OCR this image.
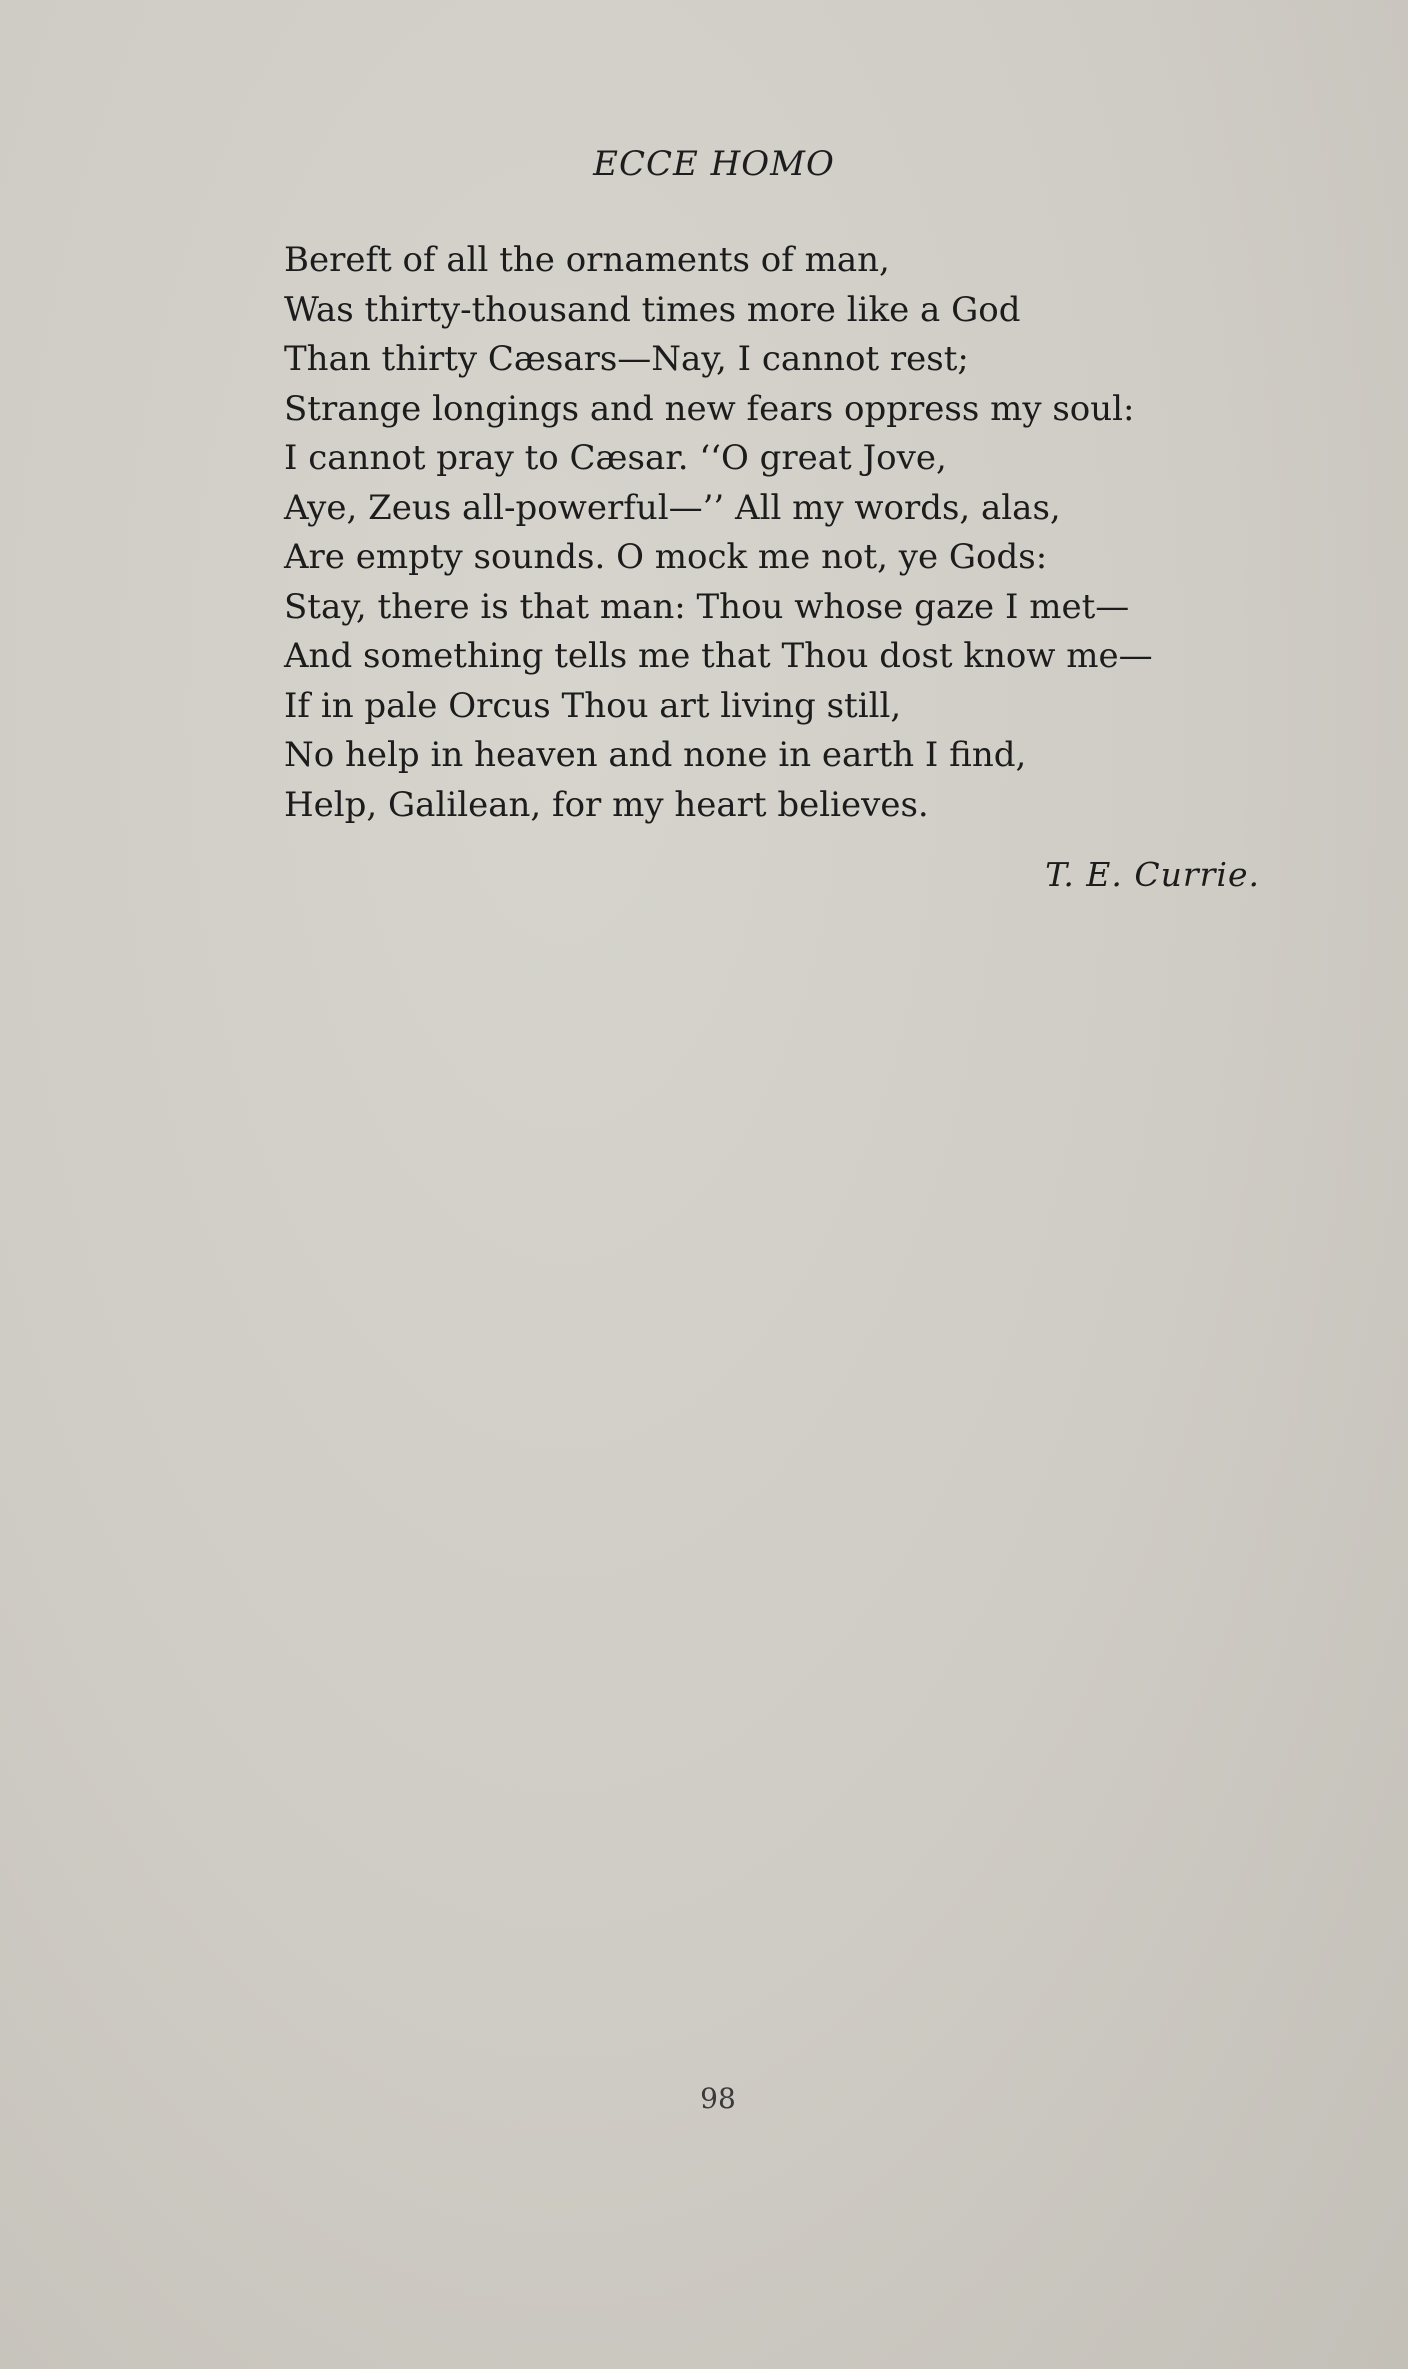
ECCE HOMO
Bereft of all the ornaments of man,
Was thirty-thousand times more like a God
Than thirty Cæsars—Nay, I cannot rest;
Strange longings and new fears oppress my soul:
I cannot pray to Cæsar. ‘‘O great Jove,
Aye, Zeus all-powerful—’’ All my words, alas,
Are empty sounds. O mock me not, ye Gods:
Stay, there is that man: Thou whose gaze I met—
And something tells me that Thou dost know me—
If in pale Orcus Thou art living still,
No help in heaven and none in earth I find,
Help, Galilean, for my heart believes.
T. E. Currie.
98
